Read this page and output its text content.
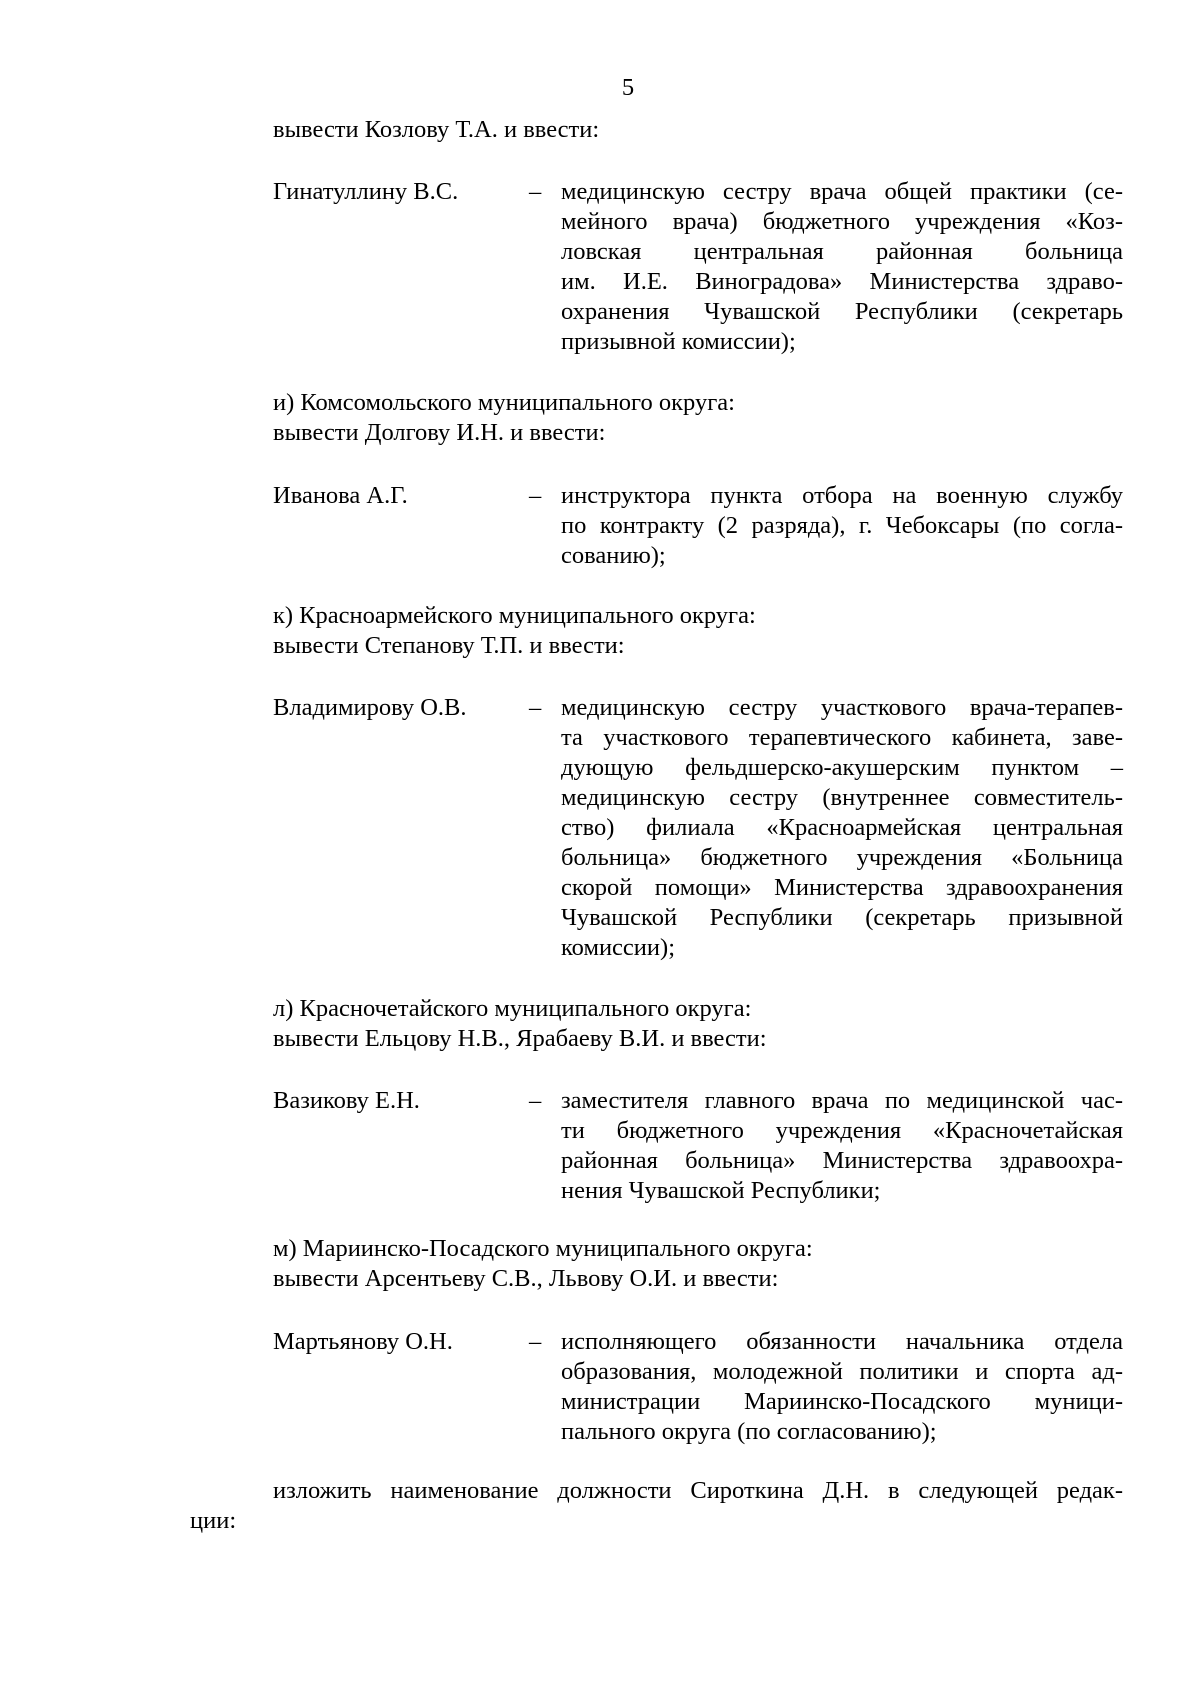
5
вывести Козлову Т.А. и ввести:
Гинатуллину В.С.	– медицинскую сестру врача общей практики (се-
мейного врача) бюджетного учреждения «Коз-
ловская центральная районная больница
им. И.Е. Виноградова» Министерства здраво-
охранения Чувашской Республики (секретарь
призывной комиссии);
и) Комсомольского муниципального округа:
вывести Долгову И.Н. и ввести:
Иванова А.Г.	– инструктора пункта отбора на военную службу
по контракту (2 разряда), г. Чебоксары (по согла-
сованию);
к) Красноармейского муниципального округа:
вывести Степанову Т.П. и ввести:
Владимирову О.В.	– медицинскую сестру участкового врача-терапев-
та участкового терапевтического кабинета, заве-
дующую фельдшерско-акушерским пунктом –
медицинскую сестру (внутреннее совместитель-
ство) филиала «Красноармейская центральная
больница» бюджетного учреждения «Больница
скорой помощи» Министерства здравоохранения
Чувашской Республики (секретарь призывной
комиссии);
л) Красночетайского муниципального округа:
вывести Ельцову Н.В., Ярабаеву В.И. и ввести:
Вазикову Е.Н.	– заместителя главного врача по медицинской час-
ти бюджетного учреждения «Красночетайская
районная больница» Министерства здравоохра-
нения Чувашской Республики;
м) Мариинско-Посадского муниципального округа:
вывести Арсентьеву С.В., Львову О.И. и ввести:
Мартьянову О.Н.	– исполняющего обязанности начальника отдела
образования, молодежной политики и спорта ад-
министрации Мариинско-Посадского муници-
пального округа (по согласованию);
изложить наименование должности Сироткина Д.Н. в следующей редак-
ции:
